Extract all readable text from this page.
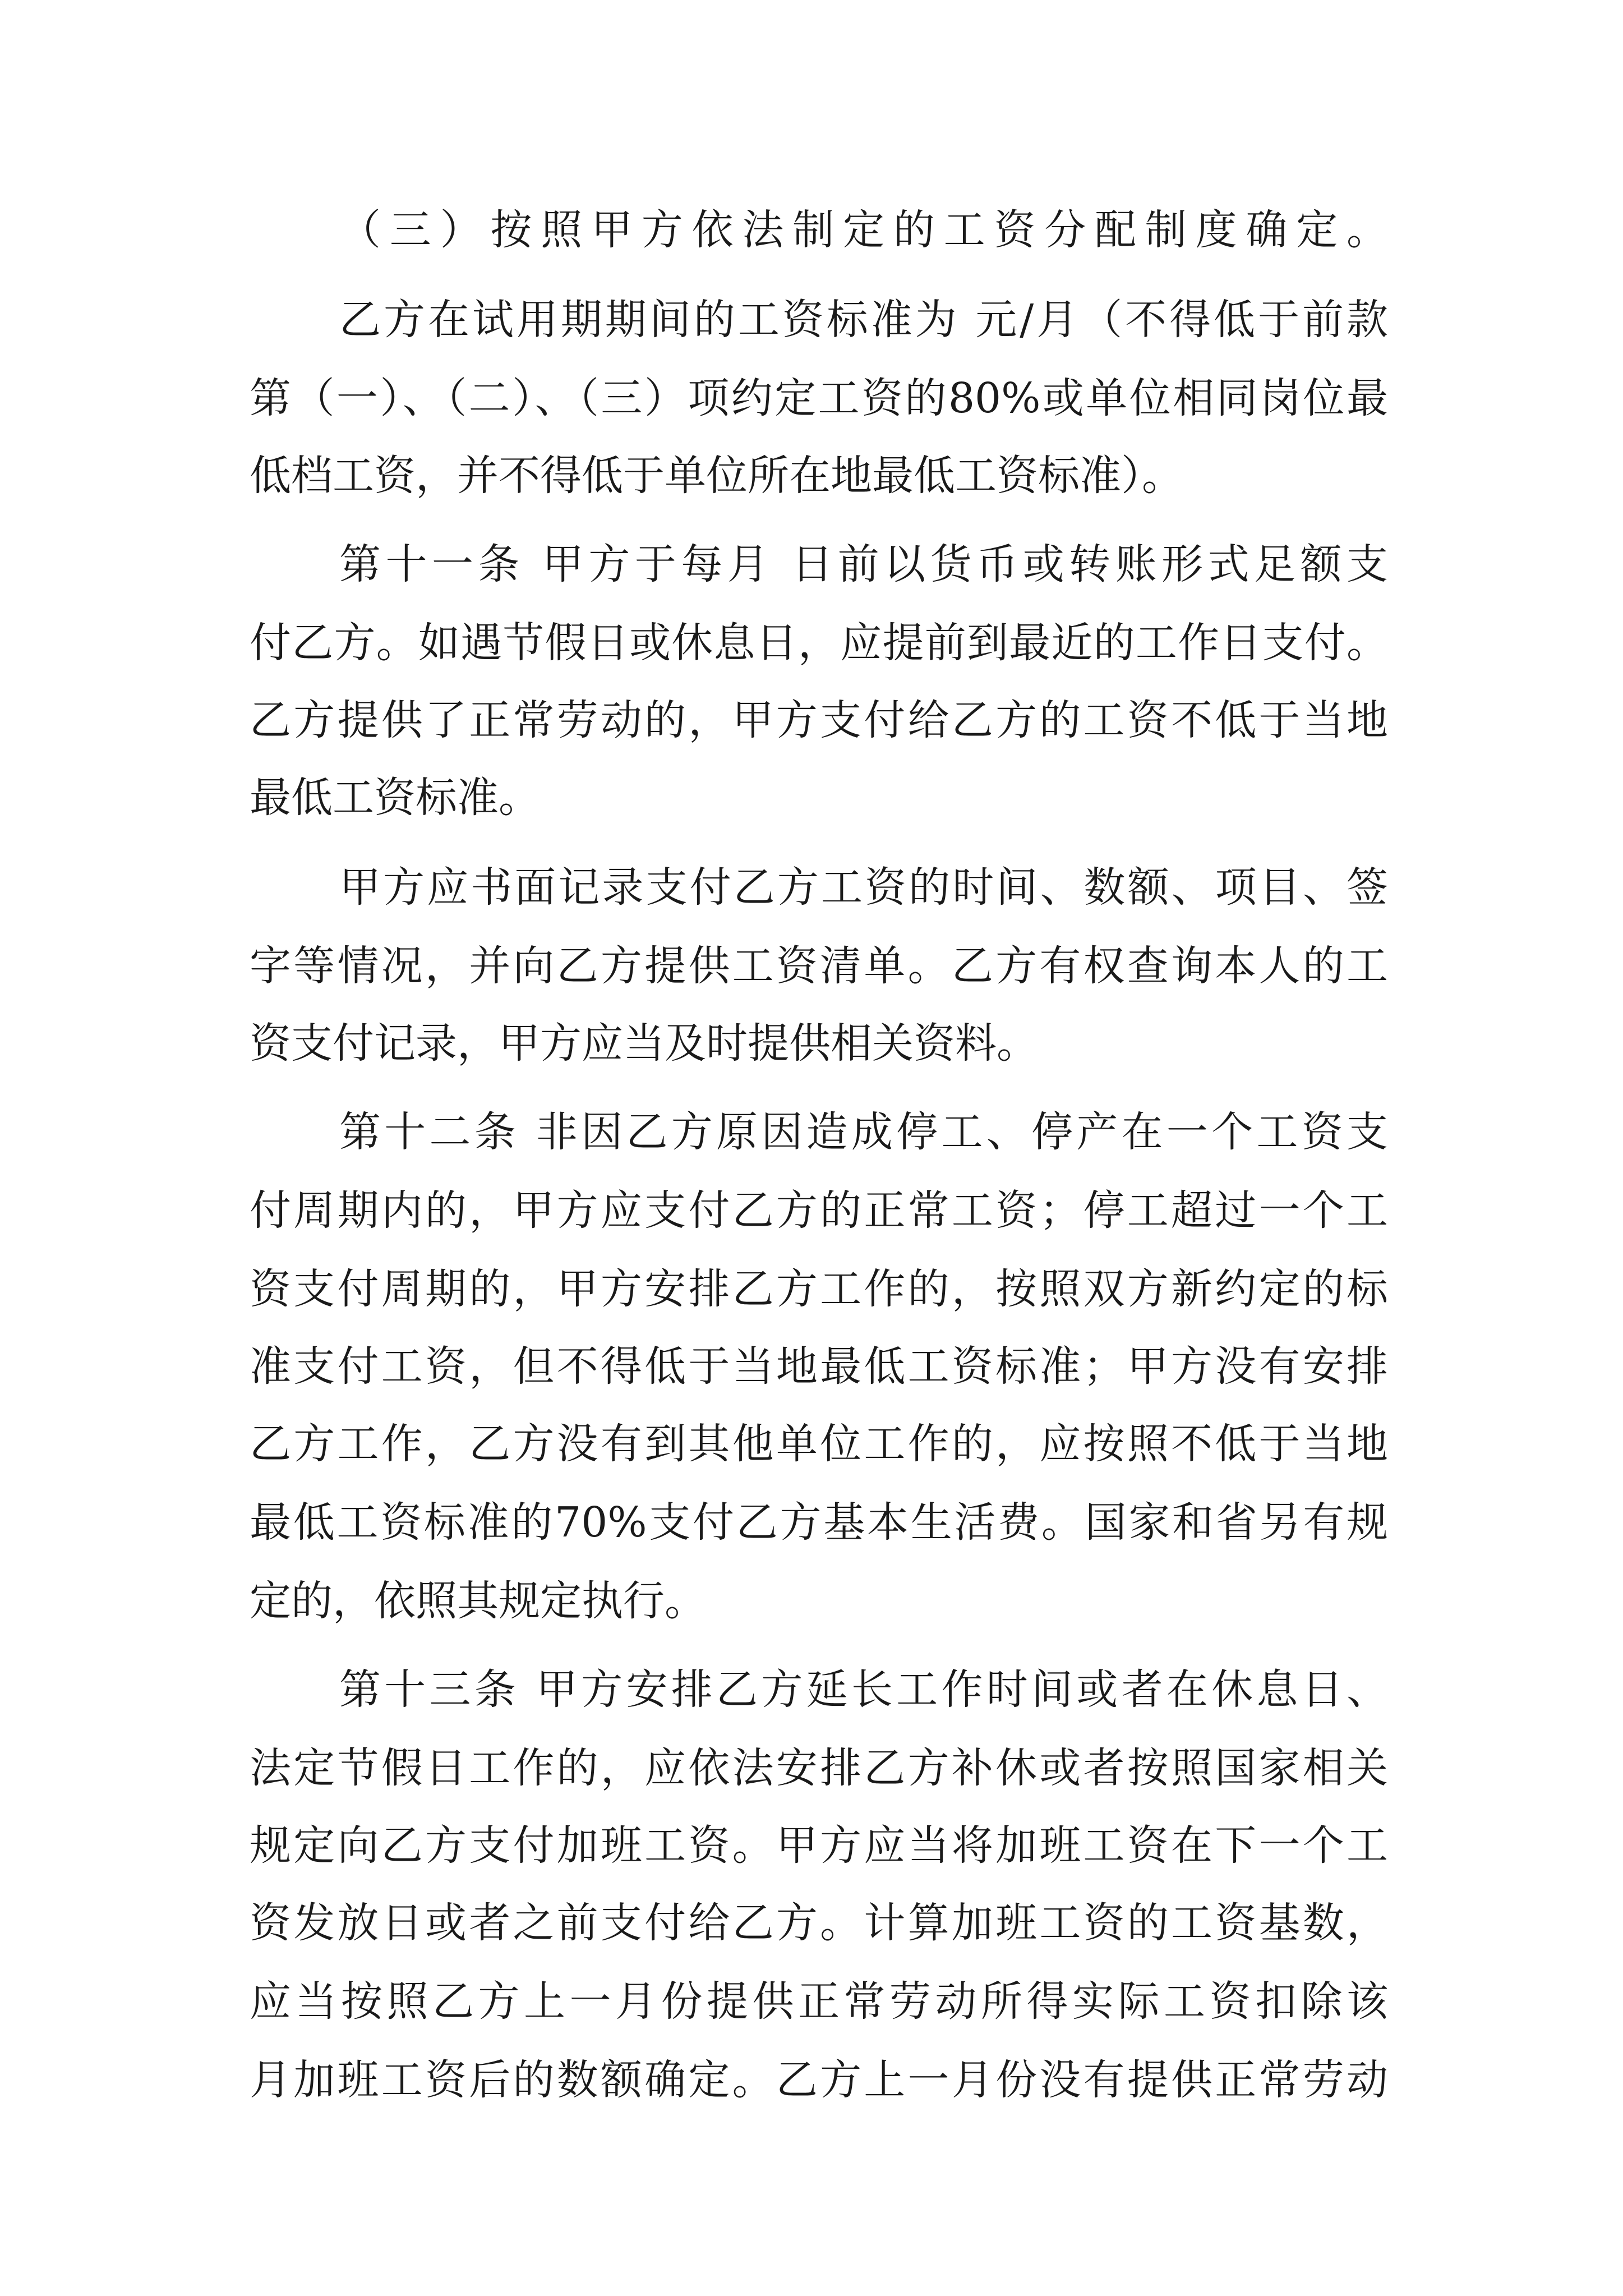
（三）按照甲方依法制定的工资分配制度确定。

乙方在试用期期间的工资标准为 元/月（不得低于前款

第（一）、（二）、（三）项约定工资的80%或单位相同岗位最

低档工资，并不得低于单位所在地最低工资标准）。

第十一条 甲方于每月 日前以货币或转账形式足额支

付乙方。如遇节假日或休息日，应提前到最近的工作日支付。

乙方提供了正常劳动的，甲方支付给乙方的工资不低于当地

最低工资标准。

甲方应书面记录支付乙方工资的时间、数额、项目、签

字等情况，并向乙方提供工资清单。乙方有权查询本人的工

资支付记录，甲方应当及时提供相关资料。

第十二条 非因乙方原因造成停工、停产在一个工资支

付周期内的，甲方应支付乙方的正常工资；停工超过一个工

资支付周期的，甲方安排乙方工作的，按照双方新约定的标

准支付工资，但不得低于当地最低工资标准；甲方没有安排

乙方工作，乙方没有到其他单位工作的，应按照不低于当地

最低工资标准的70%支付乙方基本生活费。国家和省另有规

定的，依照其规定执行。

第十三条 甲方安排乙方延长工作时间或者在休息日、

法定节假日工作的，应依法安排乙方补休或者按照国家相关

规定向乙方支付加班工资。甲方应当将加班工资在下一个工

资发放日或者之前支付给乙方。计算加班工资的工资基数，

应当按照乙方上一月份提供正常劳动所得实际工资扣除该

月加班工资后的数额确定。乙方上一月份没有提供正常劳动
